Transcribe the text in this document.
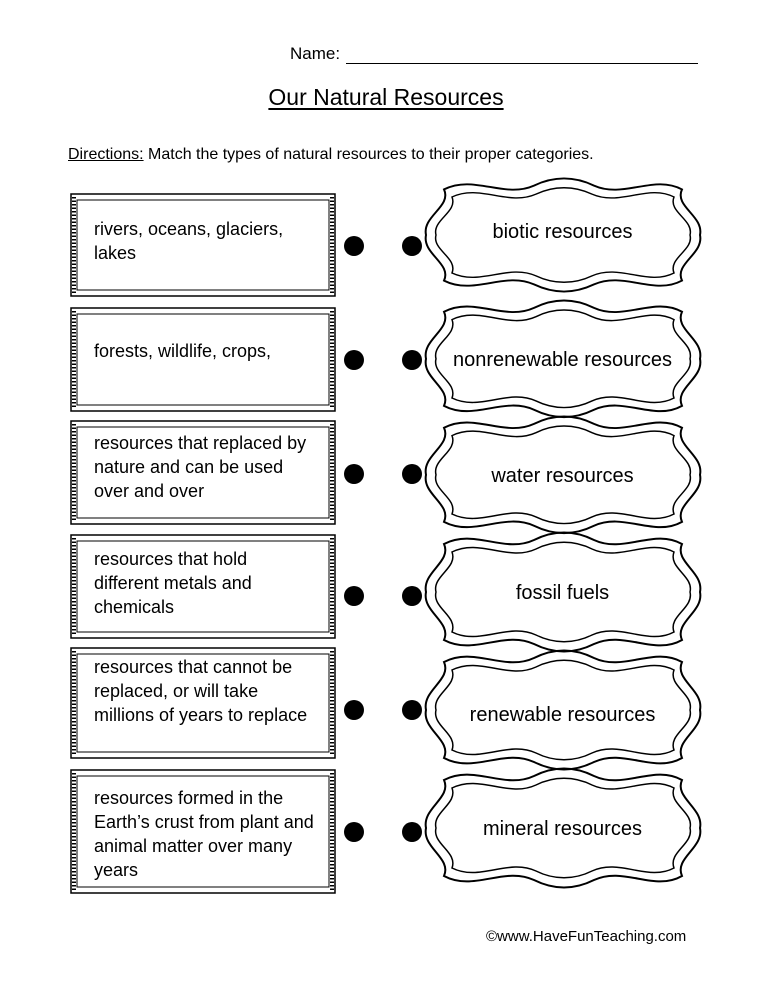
Name:
Our Natural Resources
Directions: Match the types of natural resources to their proper categories.
rivers, oceans, glaciers, lakes
forests, wildlife, crops,
resources that replaced by nature and can be used over and over
resources that hold different metals and chemicals
resources that cannot be replaced, or will take millions of years to replace
resources formed in the Earth’s crust from plant and animal matter over many years
biotic resources
nonrenewable resources
water resources
fossil fuels
renewable resources
mineral resources
©www.HaveFunTeaching.com
